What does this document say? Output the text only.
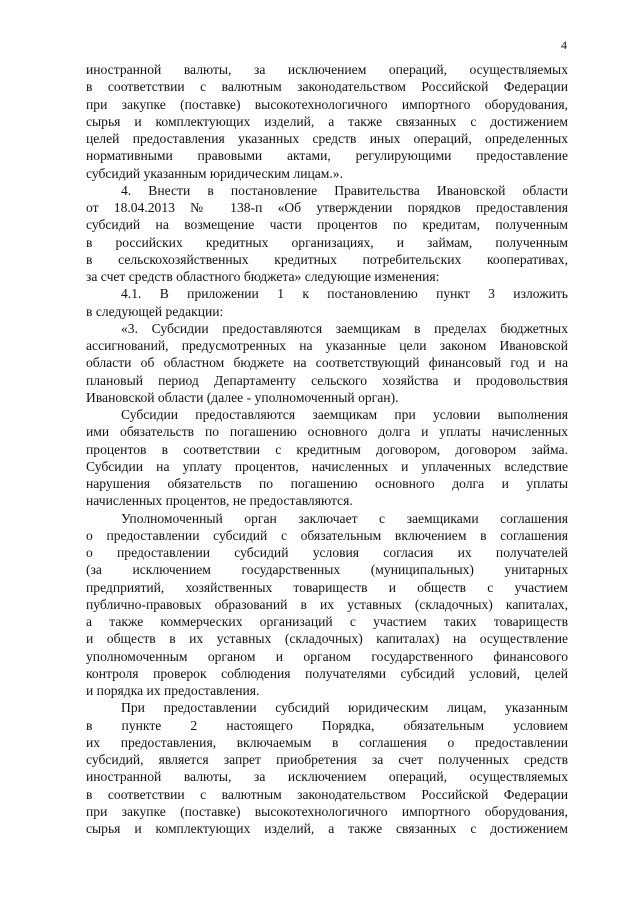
4
иностранной валюты, за исключением операций, осуществляемых
в соответствии с валютным законодательством Российской Федерации
при закупке (поставке) высокотехнологичного импортного оборудования,
сырья и комплектующих изделий, а также связанных с достижением
целей предоставления указанных средств иных операций, определенных
нормативными правовыми актами, регулирующими предоставление
субсидий указанным юридическим лицам.».
4. Внести в постановление Правительства Ивановской области
от 18.04.2013 № 138-п «Об утверждении порядков предоставления
субсидий на возмещение части процентов по кредитам, полученным
в российских кредитных организациях, и займам, полученным
в сельскохозяйственных кредитных потребительских кооперативах,
за счет средств областного бюджета» следующие изменения:
4.1. В приложении 1 к постановлению пункт 3 изложить
в следующей редакции:
«3. Субсидии предоставляются заемщикам в пределах бюджетных
ассигнований, предусмотренных на указанные цели законом Ивановской
области об областном бюджете на соответствующий финансовый год и на
плановый период Департаменту сельского хозяйства и продовольствия
Ивановской области (далее - уполномоченный орган).
Субсидии предоставляются заемщикам при условии выполнения
ими обязательств по погашению основного долга и уплаты начисленных
процентов в соответствии с кредитным договором, договором займа.
Субсидии на уплату процентов, начисленных и уплаченных вследствие
нарушения обязательств по погашению основного долга и уплаты
начисленных процентов, не предоставляются.
Уполномоченный орган заключает с заемщиками соглашения
о предоставлении субсидий с обязательным включением в соглашения
о предоставлении субсидий условия согласия их получателей
(за исключением государственных (муниципальных) унитарных
предприятий, хозяйственных товариществ и обществ с участием
публично-правовых образований в их уставных (складочных) капиталах,
а также коммерческих организаций с участием таких товариществ
и обществ в их уставных (складочных) капиталах) на осуществление
уполномоченным органом и органом государственного финансового
контроля проверок соблюдения получателями субсидий условий, целей
и порядка их предоставления.
При предоставлении субсидий юридическим лицам, указанным
в пункте 2 настоящего Порядка, обязательным условием
их предоставления, включаемым в соглашения о предоставлении
субсидий, является запрет приобретения за счет полученных средств
иностранной валюты, за исключением операций, осуществляемых
в соответствии с валютным законодательством Российской Федерации
при закупке (поставке) высокотехнологичного импортного оборудования,
сырья и комплектующих изделий, а также связанных с достижением
